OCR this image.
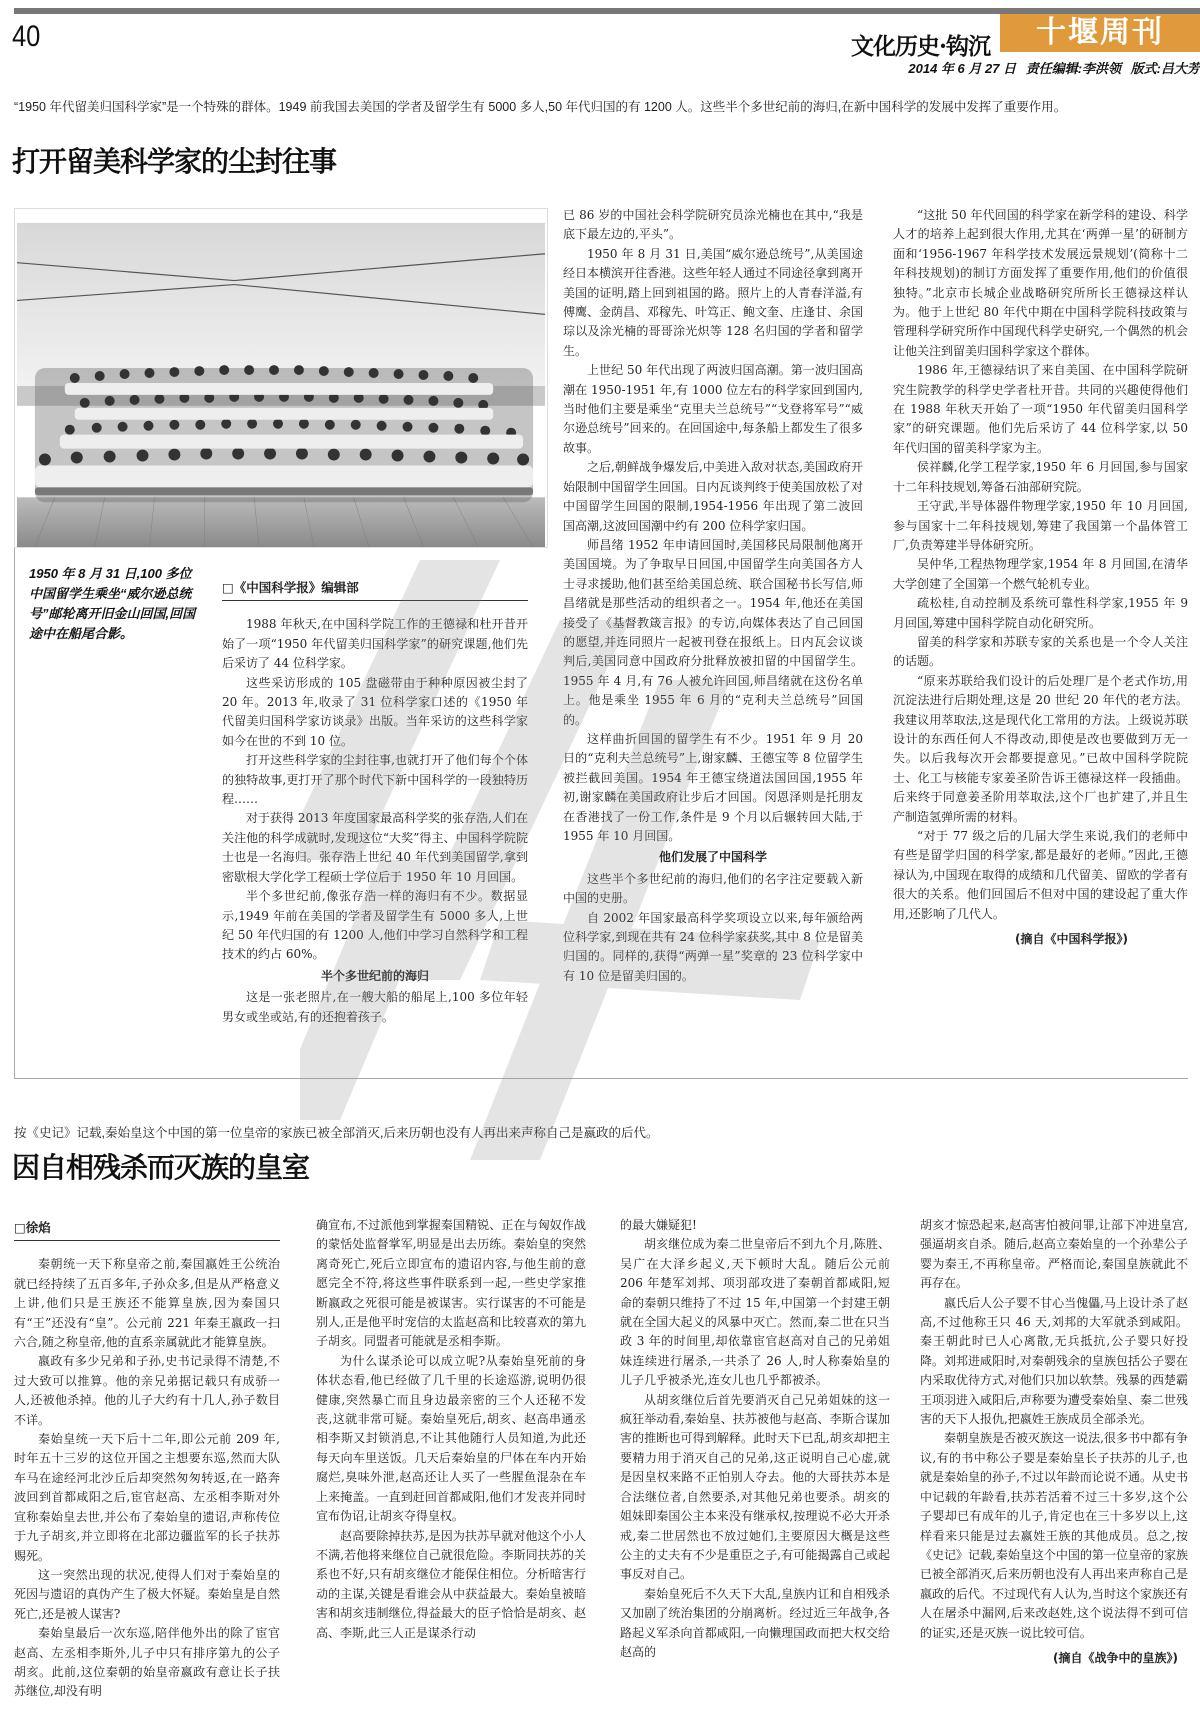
40	文化历史·钩沉	十堰周刊
2014 年 6 月 27 日 责任编辑:李洪领 版式:吕大芳
“1950 年代留美归国科学家”是一个特殊的群体。1949 前我国去美国的学者及留学生有 5000 多人,50 年代归国的有 1200 人。这些半个多世纪前的海归,在新中国科学的发展中发挥了重要作用。
打开留美科学家的尘封往事
1950 年 8 月 31 日,100 多位中国留学生乘坐“威尔逊总统号”邮轮离开旧金山回国,回国途中在船尾合影。

□《中国科学报》编辑部

1988 年秋天,在中国科学院工作的王德禄和杜开昔开始了一项“1950 年代留美归国科学家”的研究课题,他们先后采访了 44 位科学家。

这些采访形成的 105 盘磁带由于种种原因被尘封了 20 年。2013 年,收录了 31 位科学家口述的《1950 年代留美归国科学家访谈录》出版。当年采访的这些科学家如今在世的不到 10 位。

打开这些科学家的尘封往事,也就打开了他们每个个体的独特故事,更打开了那个时代下新中国科学的一段独特历程……

对于获得 2013 年度国家最高科学奖的张存浩,人们在关注他的科学成就时,发现这位“大奖”得主、中国科学院院士也是一名海归。张存浩上世纪 40 年代到美国留学,拿到密歇根大学化学工程硕士学位后于 1950 年 10 月回国。

半个多世纪前,像张存浩一样的海归有不少。数据显示,1949 年前在美国的学者及留学生有 5000 多人,上世纪 50 年代归国的有 1200 人,他们中学习自然科学和工程技术的约占 60%。

半个多世纪前的海归

这是一张老照片,在一艘大船的船尾上,100 多位年轻男女或坐或站,有的还抱着孩子。

已 86 岁的中国社会科学院研究员涂光楠也在其中,“我是底下最左边的,平头”。

1950 年 8 月 31 日,美国“威尔逊总统号”,从美国途经日本横滨开往香港。这些年轻人通过不同途径拿到离开美国的证明,踏上回到祖国的路。照片上的人青春洋溢,有傅鹰、金荫昌、邓稼先、叶笃正、鲍文奎、庄逢甘、余国琮以及涂光楠的哥哥涂光炽等 128 名归国的学者和留学生。

上世纪 50 年代出现了两波归国高潮。第一波归国高潮在 1950-1951 年,有 1000 位左右的科学家回到国内,当时他们主要是乘坐“克里夫兰总统号”“戈登将军号”“威尔逊总统号”回来的。在回国途中,每条船上都发生了很多故事。

之后,朝鲜战争爆发后,中美进入敌对状态,美国政府开始限制中国留学生回国。日内瓦谈判终于使美国放松了对中国留学生回国的限制,1954-1956 年出现了第二波回国高潮,这波回国潮中约有 200 位科学家归国。

师昌绪 1952 年申请回国时,美国移民局限制他离开美国国境。为了争取早日回国,中国留学生向美国各方人士寻求援助,他们甚至给美国总统、联合国秘书长写信,师昌绪就是那些活动的组织者之一。1954 年,他还在美国接受了《基督教箴言报》的专访,向媒体表达了自己回国的愿望,并连同照片一起被刊登在报纸上。日内瓦会议谈判后,美国同意中国政府分批释放被扣留的中国留学生。1955 年 4 月,有 76 人被允许回国,师昌绪就在这份名单上。他是乘坐 1955 年 6 月的“克利夫兰总统号”回国的。

这样曲折回国的留学生有不少。1951 年 9 月 20 日的“克利夫兰总统号”上,谢家麟、王德宝等 8 位留学生被拦截回美国。1954 年王德宝绕道法国回国,1955 年初,谢家麟在美国政府让步后才回国。闵恩泽则是托朋友在香港找了一份工作,条件是 9 个月以后辗转回大陆,于 1955 年 10 月回国。

他们发展了中国科学

这些半个多世纪前的海归,他们的名字注定要载入新中国的史册。

自 2002 年国家最高科学奖项设立以来,每年颁给两位科学家,到现在共有 24 位科学家获奖,其中 8 位是留美归国的。同样的,获得“两弹一星”奖章的 23 位科学家中有 10 位是留美归国的。

“这批 50 年代回国的科学家在新学科的建设、科学人才的培养上起到很大作用,尤其在‘两弹一星’的研制方面和‘1956-1967 年科学技术发展远景规划’(简称十二年科技规划)的制订方面发挥了重要作用,他们的价值很独特。”北京市长城企业战略研究所所长王德禄这样认为。他于上世纪 80 年代中期在中国科学院科技政策与管理科学研究所作中国现代科学史研究,一个偶然的机会让他关注到留美归国科学家这个群体。

1986 年,王德禄结识了来自美国、在中国科学院研究生院教学的科学史学者杜开昔。共同的兴趣使得他们在 1988 年秋天开始了一项“1950 年代留美归国科学家”的研究课题。他们先后采访了 44 位科学家,以 50 年代归国的留美科学家为主。

侯祥麟,化学工程学家,1950 年 6 月回国,参与国家十二年科技规划,筹备石油部研究院。

王守武,半导体器件物理学家,1950 年 10 月回国,参与国家十二年科技规划,筹建了我国第一个晶体管工厂,负责筹建半导体研究所。

吴仲华,工程热物理学家,1954 年 8 月回国,在清华大学创建了全国第一个燃气轮机专业。

疏松桂,自动控制及系统可靠性科学家,1955 年 9 月回国,筹建中国科学院自动化研究所。

留美的科学家和苏联专家的关系也是一个令人关注的话题。

“原来苏联给我们设计的后处理厂是个老式作坊,用沉淀法进行后期处理,这是 20 世纪 20 年代的老方法。我建议用萃取法,这是现代化工常用的方法。上级说苏联设计的东西任何人不得改动,即使是改也要做到万无一失。以后我每次开会都要提意见。”已故中国科学院院士、化工与核能专家姜圣阶告诉王德禄这样一段插曲。后来终于同意姜圣阶用萃取法,这个厂也扩建了,并且生产制造氢弹所需的材料。

“对于 77 级之后的几届大学生来说,我们的老师中有些是留学归国的科学家,都是最好的老师。”因此,王德禄认为,中国现在取得的成绩和几代留美、留欧的学者有很大的关系。他们回国后不但对中国的建设起了重大作用,还影响了几代人。

(摘自《中国科学报》)

按《史记》记载,秦始皇这个中国的第一位皇帝的家族已被全部消灭,后来历朝也没有人再出来声称自己是嬴政的后代。
因自相残杀而灭族的皇室

□徐焰

秦朝统一天下称皇帝之前,秦国嬴姓王公统治就已经持续了五百多年,子孙众多,但是从严格意义上讲,他们只是王族还不能算皇族,因为秦国只有“王”还没有“皇”。公元前 221 年秦王嬴政一扫六合,随之称皇帝,他的直系亲属就此才能算皇族。

嬴政有多少兄弟和子孙,史书记录得不清楚,不过大致可以推算。他的亲兄弟据记载只有成骄一人,还被他杀掉。他的儿子大约有十几人,孙子数目不详。

秦始皇统一天下后十二年,即公元前 209 年,时年五十三岁的这位开国之主想要东巡,然而大队车马在途经河北沙丘后却突然匆匆转返,在一路奔波回到首都咸阳之后,宦官赵高、左丞相李斯对外宣称秦始皇去世,并公布了秦始皇的遗诏,声称传位于九子胡亥,并立即将在北部边疆监军的长子扶苏赐死。

这一突然出现的状况,使得人们对于秦始皇的死因与遗诏的真伪产生了极大怀疑。秦始皇是自然死亡,还是被人谋害?

秦始皇最后一次东巡,陪伴他外出的除了宦官赵高、左丞相李斯外,儿子中只有排序第九的公子胡亥。此前,这位秦朝的始皇帝嬴政有意让长子扶苏继位,却没有明

确宣布,不过派他到掌握秦国精锐、正在与匈奴作战的蒙恬处监督掌军,明显是出去历练。秦始皇的突然离奇死亡,死后立即宣布的遗诏内容,与他生前的意愿完全不符,将这些事件联系到一起,一些史学家推断嬴政之死很可能是被谋害。实行谋害的不可能是别人,正是他平时宠信的太监赵高和比较喜欢的第九子胡亥。同盟者可能就是丞相李斯。

为什么谋杀论可以成立呢?从秦始皇死前的身体状态看,他已经做了几千里的长途巡游,说明仍很健康,突然暴亡而且身边最亲密的三个人还秘不发丧,这就非常可疑。秦始皇死后,胡亥、赵高串通丞相李斯又封锁消息,不让其他随行人员知道,为此还每天向车里送饭。几天后秦始皇的尸体在车内开始腐烂,臭味外泄,赵高还让人买了一些腥鱼混杂在车上来掩盖。一直到赶回首都咸阳,他们才发丧并同时宣布伪诏,让胡亥夺得皇权。

赵高要除掉扶苏,是因为扶苏早就对他这个小人不满,若他将来继位自己就很危险。李斯同扶苏的关系也不好,只有胡亥继位才能保住相位。分析暗害行动的主谋,关键是看谁会从中获益最大。秦始皇被暗害和胡亥违制继位,得益最大的臣子恰恰是胡亥、赵高、李斯,此三人正是谋杀行动

的最大嫌疑犯!

胡亥继位成为秦二世皇帝后不到九个月,陈胜、吴广在大泽乡起义,天下顿时大乱。随后公元前 206 年楚军刘邦、项羽部攻进了秦朝首都咸阳,短命的秦朝只维持了不过 15 年,中国第一个封建王朝就在全国大起义的风暴中灭亡。然而,秦二世在只当政 3 年的时间里,却依靠宦官赵高对自己的兄弟姐妹连续进行屠杀,一共杀了 26 人,时人称秦始皇的儿子几乎被杀光,连女儿也几乎都被杀。

从胡亥继位后首先要消灭自己兄弟姐妹的这一疯狂举动看,秦始皇、扶苏被他与赵高、李斯合谋加害的推断也可得到解释。此时天下已乱,胡亥却把主要精力用于消灭自己的兄弟,这正说明自己心虚,就是因皇权来路不正怕别人夺去。他的大哥扶苏本是合法继位者,自然要杀,对其他兄弟也要杀。胡亥的姐妹即秦国公主本来没有继承权,按理说不必大开杀戒,秦二世居然也不放过她们,主要原因大概是这些公主的丈夫有不少是重臣之子,有可能揭露自己或起事反对自己。

秦始皇死后不久天下大乱,皇族内讧和自相残杀又加剧了统治集团的分崩离析。经过近三年战争,各路起义军杀向首都咸阳,一向懒理国政而把大权交给赵高的

胡亥才惊恐起来,赵高害怕被问罪,让部下冲进皇宫,强逼胡亥自杀。随后,赵高立秦始皇的一个孙辈公子婴为秦王,不再称皇帝。严格而论,秦国皇族就此不再存在。

嬴氏后人公子婴不甘心当傀儡,马上设计杀了赵高,不过他称王只 46 天,刘邦的大军就杀到咸阳。秦王朝此时已人心离散,无兵抵抗,公子婴只好投降。刘邦进咸阳时,对秦朝残余的皇族包括公子婴在内采取优待方式,对他们只加以软禁。残暴的西楚霸王项羽进入咸阳后,声称要为遭受秦始皇、秦二世残害的天下人报仇,把嬴姓王族成员全部杀光。

秦朝皇族是否被灭族这一说法,很多书中都有争议,有的书中称公子婴是秦始皇长子扶苏的儿子,也就是秦始皇的孙子,不过以年龄而论说不通。从史书中记载的年龄看,扶苏若活着不过三十多岁,这个公子婴却已有成年的儿子,肯定也在三十多岁以上,这样看来只能是过去嬴姓王族的其他成员。总之,按《史记》记载,秦始皇这个中国的第一位皇帝的家族已被全部消灭,后来历朝也没有人再出来声称自己是嬴政的后代。不过现代有人认为,当时这个家族还有人在屠杀中漏网,后来改赵姓,这个说法得不到可信的证实,还是灭族一说比较可信。

(摘自《战争中的皇族》)
